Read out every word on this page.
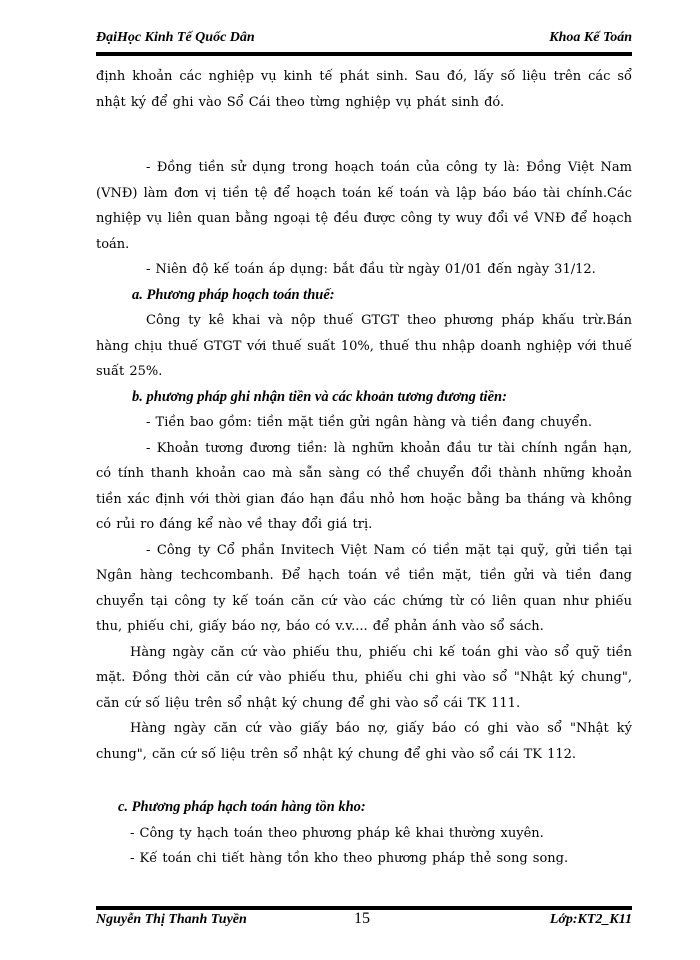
ĐạiHọc Kinh Tế Quốc Dân	Khoa Kế Toán

định khoản các nghiệp vụ kinh tế phát sinh. Sau đó, lấy số liệu trên các sổ nhật ký để ghi vào Sổ Cái theo từng nghiệp vụ phát sinh đó.

- Đồng tiền sử dụng trong hoạch toán của công ty là: Đồng Việt Nam (VNĐ) làm đơn vị tiền tệ để hoạch toán kế toán và lập báo báo tài chính.Các nghiệp vụ liên quan bằng ngoại tệ đều được công ty wuy đổi về VNĐ để hoạch toán.

- Niên độ kế toán áp dụng: bắt đầu từ ngày 01/01 đến ngày 31/12.

a. Phương pháp hoạch toán thuế:

Công ty kê khai và nộp thuế GTGT theo phương pháp khấu trừ.Bán hàng chịu thuế GTGT với thuế suất 10%, thuế thu nhập doanh nghiệp với thuế suất 25%.

b. phương pháp ghi nhận tiền và các khoản tương đương tiền:

- Tiền bao gồm: tiền mặt tiền gửi ngân hàng và tiền đang chuyển.

- Khoản tương đương tiền: là nghữn khoản đầu tư tài chính ngắn hạn, có tính thanh khoản cao mà sẵn sàng có thể chuyển đổi thành những khoản tiền xác định với thời gian đáo hạn đầu nhỏ hơn hoặc bằng ba tháng và không có rủi ro đáng kể nào về thay đổi giá trị.

- Công ty Cổ phần Invitech Việt Nam có tiền mặt tại quỹ, gửi tiền tại Ngân hàng techcombanh. Để hạch toán về tiền mặt, tiền gửi và tiền đang chuyển tại công ty kế toán căn cứ vào các chứng từ có liên quan như phiếu thu, phiếu chi, giấy báo nợ, báo có v.v.... để phản ánh vào sổ sách.

Hàng ngày căn cứ vào phiếu thu, phiếu chi kế toán ghi vào sổ quỹ tiền mặt. Đồng thời căn cứ vào phiếu thu, phiếu chi ghi vào sổ "Nhật ký chung", căn cứ số liệu trên sổ nhật ký chung để ghi vào sổ cái TK 111.

Hàng ngày căn cứ vào giấy báo nợ, giấy báo có ghi vào sổ "Nhật ký chung", căn cứ số liệu trên sổ nhật ký chung để ghi vào sổ cái TK 112.

c. Phương pháp hạch toán hàng tồn kho:

- Công ty hạch toán theo phương pháp kê khai thường xuyên.

- Kế toán chi tiết hàng tồn kho theo phương pháp thẻ song song.

Nguyễn Thị Thanh Tuyền	15	Lớp:KT2_K11
